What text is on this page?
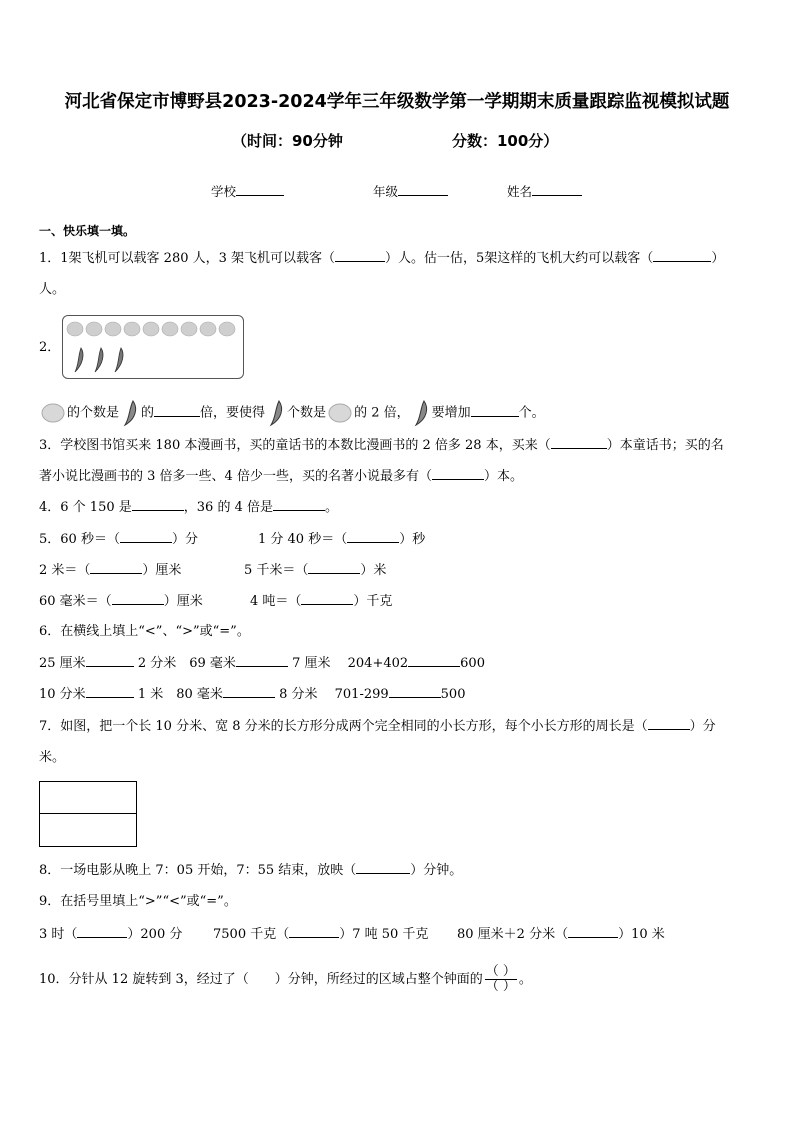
河北省保定市博野县2023-2024学年三年级数学第一学期期末质量跟踪监视模拟试题
（时间：90分钟	分数：100分）
学校	年级	姓名
一、快乐填一填。
1．1架飞机可以载客 280 人，3 架飞机可以载客（	）人。估一估，5架这样的飞机大约可以载客（	）
人。
2．
的个数是 的	倍，要使得 个数是 的 2 倍， 要增加	个。
3．学校图书馆买来 180 本漫画书，买的童话书的本数比漫画书的 2 倍多 28 本，买来（	）本童话书；买的名
著小说比漫画书的 3 倍多一些、4 倍少一些，买的名著小说最多有（	）本。
4．6 个 150 是	，36 的 4 倍是	。
5．60 秒＝（	）分	1 分 40 秒＝（	）秒
2 米＝（	）厘米	5 千米＝（	）米
60 毫米＝（	）厘米	4 吨＝（	）千克
6．在横线上填上“<”、“>”或“=”。
25 厘米	2 分米　 69 毫米	7 厘米　 204+402	600
10 分米	1 米　 80 毫米	8 分米　 701-299	500
7．如图，把一个长 10 分米、宽 8 分米的长方形分成两个完全相同的小长方形，每个小长方形的周长是（	）分
米。
8．一场电影从晚上 7：05 开始，7：55 结束，放映（	）分钟。
9．在括号里填上“>”“<”或“=”。
3 时（	）200 分 7500 千克（	）7 吨 50 千克 80 厘米＋2 分米（	）10 米
10．分针从 12 旋转到 3，经过了（　　）分钟，所经过的区域占整个钟面的 $\frac{( )}{( )}$ 。
